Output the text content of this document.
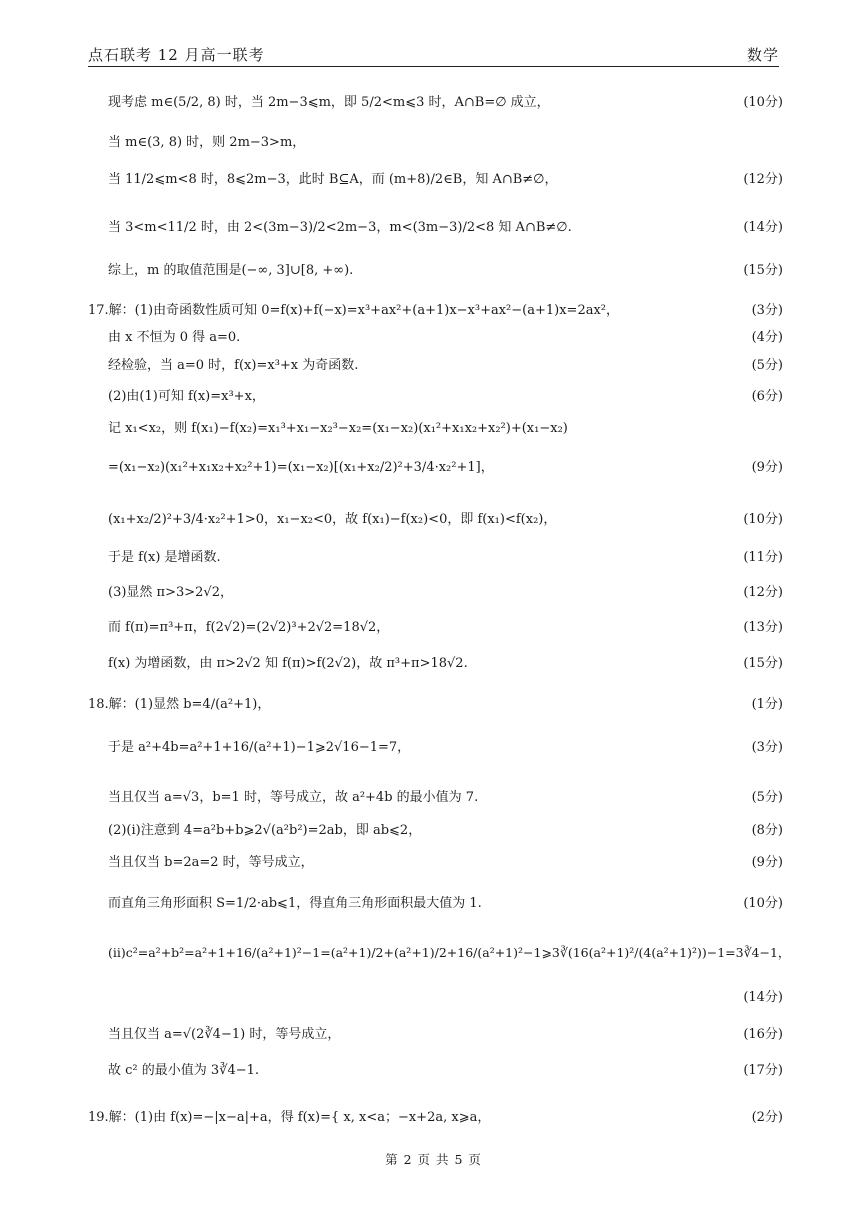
点石联考 12 月高一联考	数学
现考虑 m∈(5/2, 8) 时，当 2m−3⩽m，即 5/2<m⩽3 时，A∩B=∅ 成立，	(10分)
当 m∈(3, 8) 时，则 2m−3>m，
当 11/2⩽m<8 时，8⩽2m−3，此时 B⊆A，而 (m+8)/2∈B，知 A∩B≠∅，	(12分)
当 3<m<11/2 时，由 2<(3m−3)/2<2m−3，m<(3m−3)/2<8 知 A∩B≠∅.	(14分)
综上，m 的取值范围是(−∞, 3]∪[8, +∞).	(15分)
17.解：(1)由奇函数性质可知 0=f(x)+f(−x)=x³+ax²+(a+1)x−x³+ax²−(a+1)x=2ax²，	(3分)
由 x 不恒为 0 得 a=0.	(4分)
经检验，当 a=0 时，f(x)=x³+x 为奇函数.	(5分)
(2)由(1)可知 f(x)=x³+x，	(6分)
记 x₁<x₂，则 f(x₁)−f(x₂)=x₁³+x₁−x₂³−x₂=(x₁−x₂)(x₁²+x₁x₂+x₂²)+(x₁−x₂)
=(x₁−x₂)(x₁²+x₁x₂+x₂²+1)=(x₁−x₂)[(x₁+x₂/2)²+3/4·x₂²+1]，	(9分)
(x₁+x₂/2)²+3/4·x₂²+1>0，x₁−x₂<0，故 f(x₁)−f(x₂)<0，即 f(x₁)<f(x₂)，	(10分)
于是 f(x) 是增函数.	(11分)
(3)显然 π>3>2√2，	(12分)
而 f(π)=π³+π，f(2√2)=(2√2)³+2√2=18√2，	(13分)
f(x) 为增函数，由 π>2√2 知 f(π)>f(2√2)，故 π³+π>18√2.	(15分)
18.解：(1)显然 b=4/(a²+1)，	(1分)
于是 a²+4b=a²+1+16/(a²+1)−1⩾2√16−1=7，	(3分)
当且仅当 a=√3，b=1 时，等号成立，故 a²+4b 的最小值为 7.	(5分)
(2)(ⅰ)注意到 4=a²b+b⩾2√(a²b²)=2ab，即 ab⩽2，	(8分)
当且仅当 b=2a=2 时，等号成立，	(9分)
而直角三角形面积 S=1/2·ab⩽1，得直角三角形面积最大值为 1.	(10分)
(ⅱ)c²=a²+b²=a²+1+16/(a²+1)²−1=(a²+1)/2+(a²+1)/2+16/(a²+1)²−1⩾3∛(16(a²+1)²/(4(a²+1)²))−1=3∛4−1，
(14分)
当且仅当 a=√(2∛4−1) 时，等号成立，	(16分)
故 c² 的最小值为 3∛4−1.	(17分)
19.解：(1)由 f(x)=−|x−a|+a，得 f(x)={ x, x<a；−x+2a, x⩾a，	(2分)
第 2 页 共 5 页
